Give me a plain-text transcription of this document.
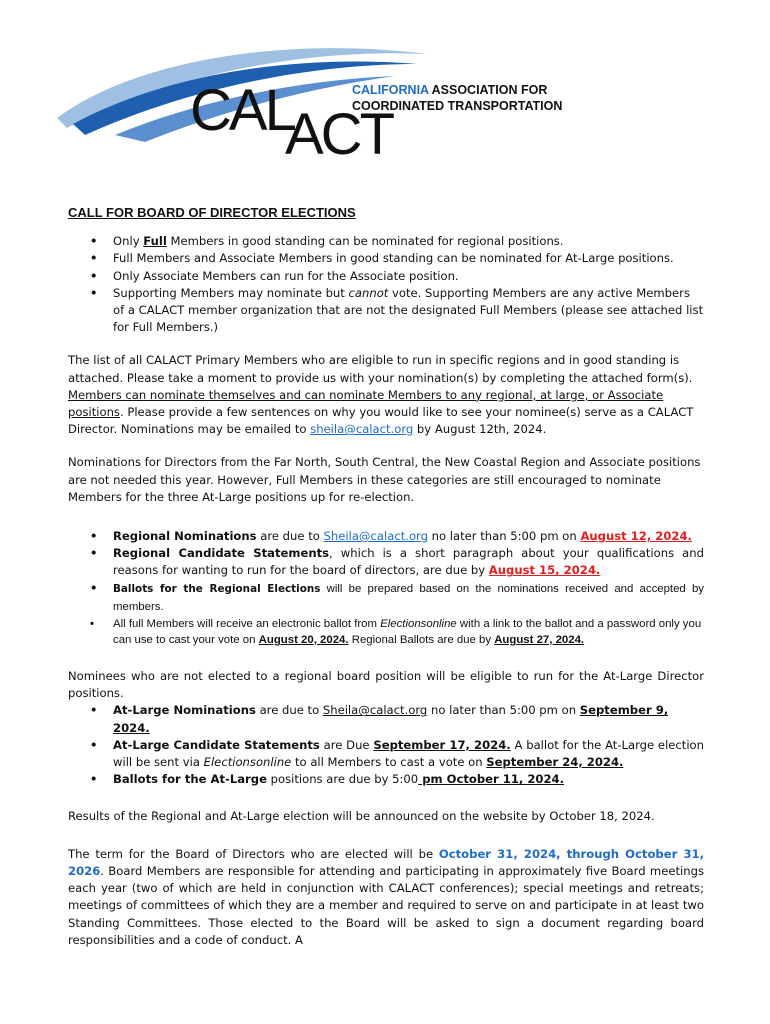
CAL
ACT
CALIFORNIA ASSOCIATION FOR
COORDINATED TRANSPORTATION
CALL FOR BOARD OF DIRECTOR ELECTIONS
• Only Full Members in good standing can be nominated for regional positions.
• Full Members and Associate Members in good standing can be nominated for At-Large positions.
• Only Associate Members can run for the Associate position.
• Supporting Members may nominate but cannot vote. Supporting Members are any active Members of a CALACT member organization that are not the designated Full Members (please see attached list for Full Members.)

The list of all CALACT Primary Members who are eligible to run in specific regions and in good standing is attached. Please take a moment to provide us with your nomination(s) by completing the attached form(s). Members can nominate themselves and can nominate Members to any regional, at large, or Associate positions. Please provide a few sentences on why you would like to see your nominee(s) serve as a CALACT Director. Nominations may be emailed to sheila@calact.org by August 12th, 2024.

Nominations for Directors from the Far North, South Central, the New Coastal Region and Associate positions are not needed this year. However, Full Members in these categories are still encouraged to nominate Members for the three At-Large positions up for re-election.

• Regional Nominations are due to Sheila@calact.org no later than 5:00 pm on August 12, 2024.
• Regional Candidate Statements, which is a short paragraph about your qualifications and reasons for wanting to run for the board of directors, are due by August 15, 2024.
• Ballots for the Regional Elections will be prepared based on the nominations received and accepted by members.
• All full Members will receive an electronic ballot from Electionsonline with a link to the ballot and a password only you can use to cast your vote on August 20, 2024. Regional Ballots are due by August 27, 2024.

Nominees who are not elected to a regional board position will be eligible to run for the At-Large Director positions.

• At-Large Nominations are due to Sheila@calact.org no later than 5:00 pm on September 9, 2024.
• At-Large Candidate Statements are Due September 17, 2024. A ballot for the At-Large election will be sent via Electionsonline to all Members to cast a vote on September 24, 2024.
• Ballots for the At-Large positions are due by 5:00 pm October 11, 2024.

Results of the Regional and At-Large election will be announced on the website by October 18, 2024.

The term for the Board of Directors who are elected will be October 31, 2024, through October 31, 2026. Board Members are responsible for attending and participating in approximately five Board meetings each year (two of which are held in conjunction with CALACT conferences); special meetings and retreats; meetings of committees of which they are a member and required to serve on and participate in at least two Standing Committees. Those elected to the Board will be asked to sign a document regarding board responsibilities and a code of conduct. A
